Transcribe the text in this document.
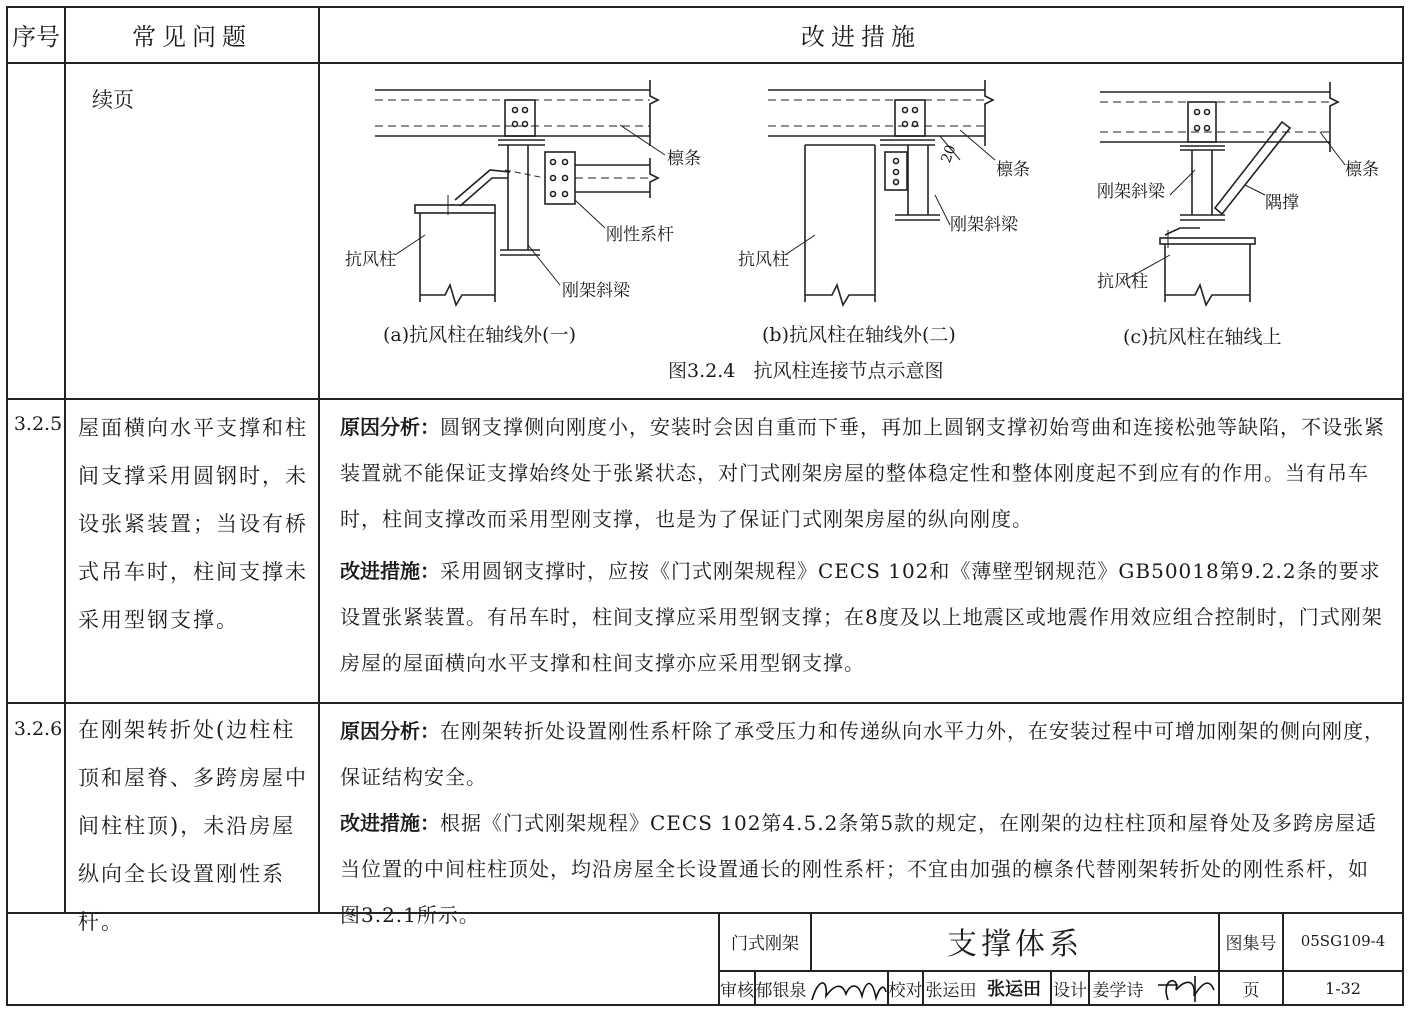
序号	常见问题	改进措施
续页
檩条
刚性系杆
抗风柱
刚架斜梁
20
檩条
刚架斜梁
抗风柱
檩条
刚架斜梁
隅撑
抗风柱
(a)抗风柱在轴线外(一)	(b)抗风柱在轴线外(二)	(c)抗风柱在轴线上
图3.2.4   抗风柱连接节点示意图
3.2.5 屋面横向水平支撑和柱间支撑采用圆钢时，未设张紧装置；当设有桥式吊车时，柱间支撑未采用型钢支撑。
原因分析：圆钢支撑侧向刚度小，安装时会因自重而下垂，再加上圆钢支撑初始弯曲和连接松弛等缺陷，不设张紧装置就不能保证支撑始终处于张紧状态，对门式刚架房屋的整体稳定性和整体刚度起不到应有的作用。当有吊车时，柱间支撑改而采用型刚支撑，也是为了保证门式刚架房屋的纵向刚度。
改进措施：采用圆钢支撑时，应按《门式刚架规程》CECS 102和《薄壁型钢规范》GB50018第9.2.2条的要求设置张紧装置。有吊车时，柱间支撑应采用型钢支撑；在8度及以上地震区或地震作用效应组合控制时，门式刚架房屋的屋面横向水平支撑和柱间支撑亦应采用型钢支撑。
3.2.6 在刚架转折处(边柱柱顶和屋脊、多跨房屋中间柱柱顶)，未沿房屋纵向全长设置刚性系杆。
原因分析：在刚架转折处设置刚性系杆除了承受压力和传递纵向水平力外，在安装过程中可增加刚架的侧向刚度，保证结构安全。
改进措施：根据《门式刚架规程》CECS 102第4.5.2条第5款的规定，在刚架的边柱柱顶和屋脊处及多跨房屋适当位置的中间柱柱顶处，均沿房屋全长设置通长的刚性系杆；不宜由加强的檩条代替刚架转折处的刚性系杆，如图3.2.1所示。
门式刚架	支撑体系	图集号	05SG109-4
审核 郁银泉	校对 张运田 张运田 设计 姜学诗	页	1-32
